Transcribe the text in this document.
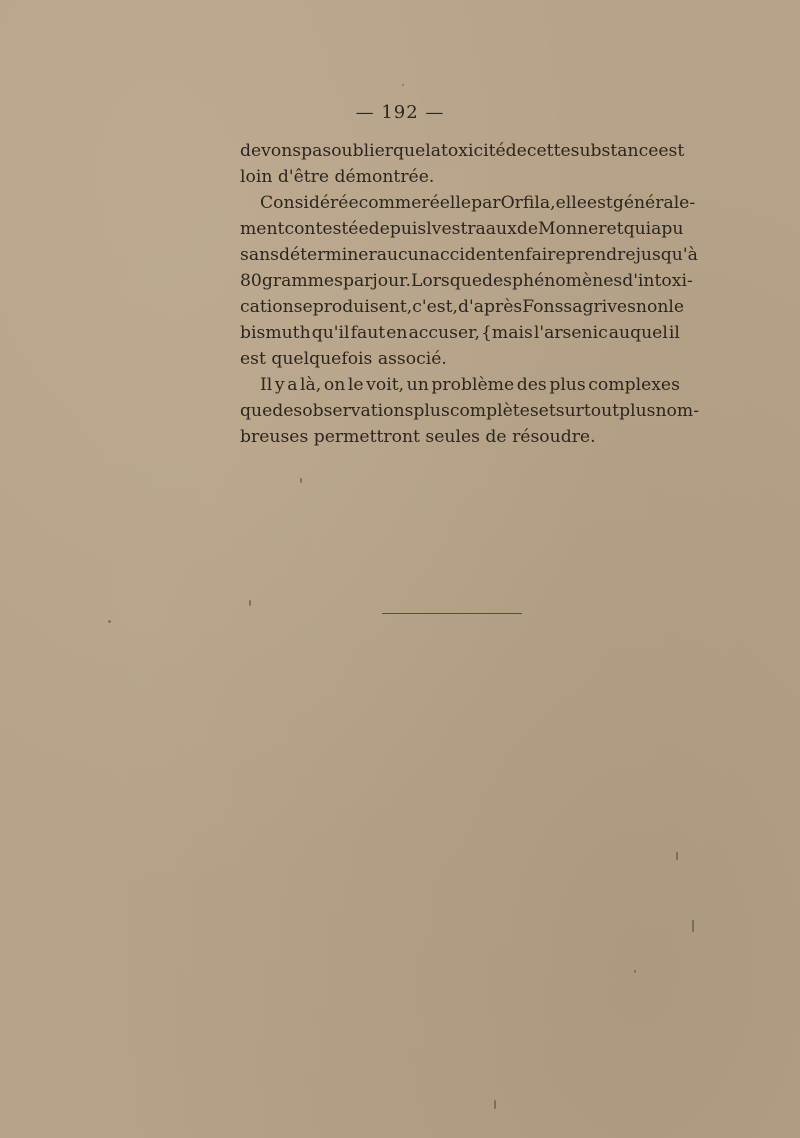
— 192 —
devons pas oublier que la toxicité de cette substance est
loin d'être démontrée.
Considérée comme réelle par Orfila, elle est générale-
ment contestée depuis lves traaux de Monneret qui a pu
sans déterminer aucun accident en faire prendre jusqu'à
80 grammes par jour. Lorsque des phénomènes d'intoxi-
cation se produisent, c'est, d'après Fonssagrives non le
bismuth qu'il faut en accuser, {mais l'arsenic auquel il
est quelquefois associé.
Il y a là, on le voit, un problème des plus complexes
que des observations plus complètes et surtout plus nom-
breuses permettront seules de résoudre.
